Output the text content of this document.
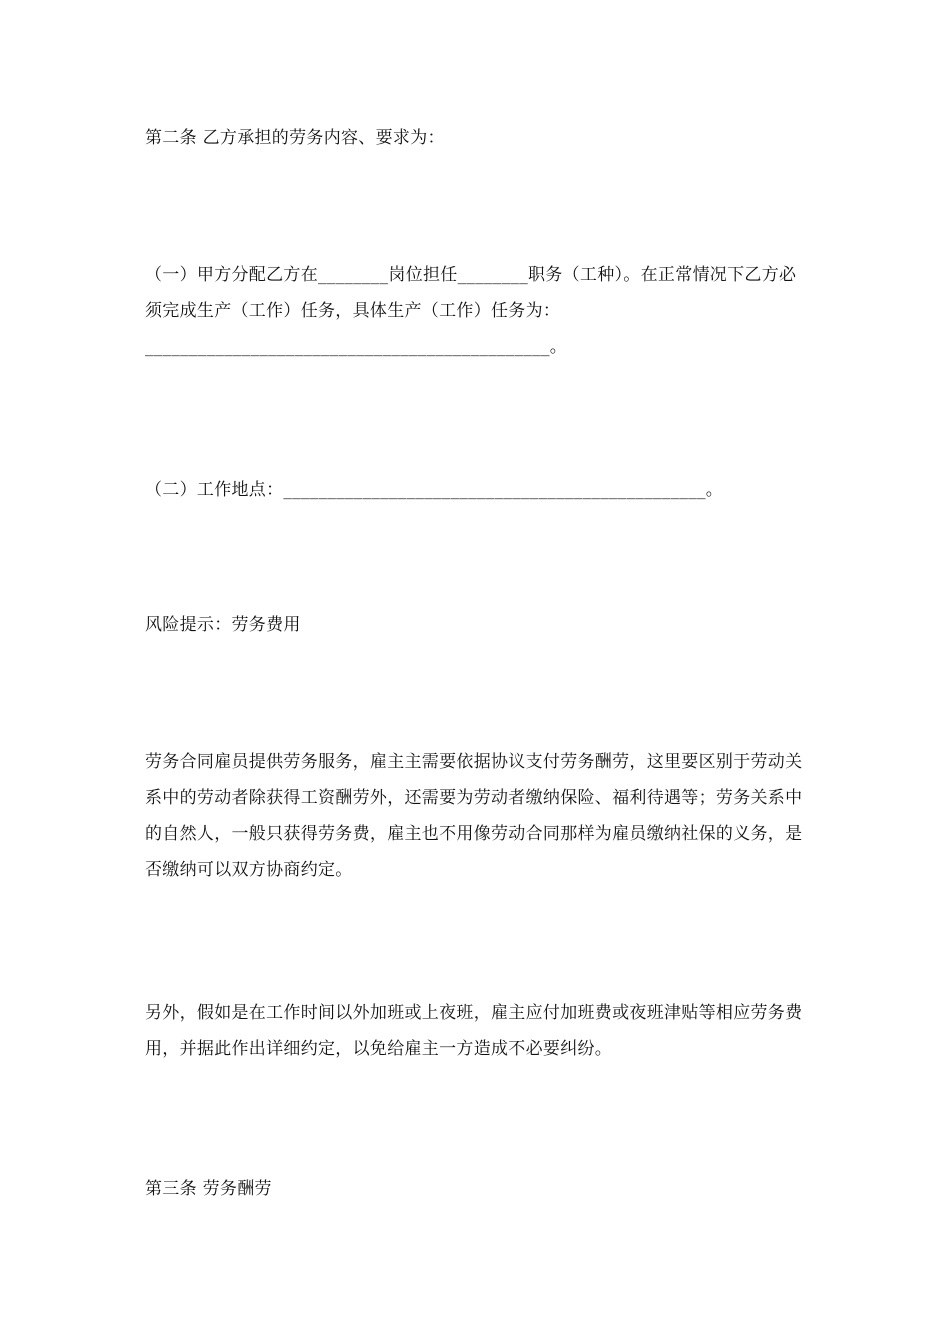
第二条 乙方承担的劳务内容、要求为：

（一）甲方分配乙方在________岗位担任________职务（工种）。在正常情况下乙方必须完成生产（工作）任务，具体生产（工作）任务为：______________________________________________。

（二）工作地点：________________________________________________。

风险提示：劳务费用

劳务合同雇员提供劳务服务，雇主主需要依据协议支付劳务酬劳，这里要区别于劳动关系中的劳动者除获得工资酬劳外，还需要为劳动者缴纳保险、福利待遇等；劳务关系中的自然人，一般只获得劳务费，雇主也不用像劳动合同那样为雇员缴纳社保的义务，是否缴纳可以双方协商约定。

另外，假如是在工作时间以外加班或上夜班，雇主应付加班费或夜班津贴等相应劳务费用，并据此作出详细约定，以免给雇主一方造成不必要纠纷。

第三条 劳务酬劳
